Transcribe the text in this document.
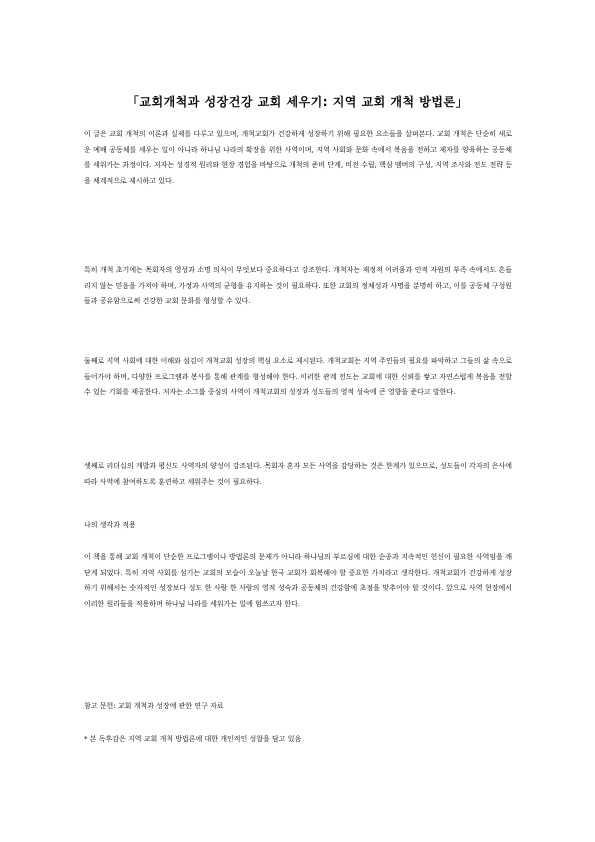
「교회개척과 성장건강 교회 세우기: 지역 교회 개척 방법론」
이 글은 교회 개척의 이론과 실제를 다루고 있으며, 개척교회가 건강하게 성장하기 위해 필요한 요소들을 살펴본다. 교회 개척은 단순히 새로운 예배 공동체를 세우는 일이 아니라 하나님 나라의 확장을 위한 사역이며, 지역 사회와 문화 속에서 복음을 전하고 제자를 양육하는 공동체를 세워가는 과정이다. 저자는 성경적 원리와 현장 경험을 바탕으로 개척의 준비 단계, 비전 수립, 핵심 멤버의 구성, 지역 조사와 전도 전략 등을 체계적으로 제시하고 있다.
특히 개척 초기에는 목회자의 영성과 소명 의식이 무엇보다 중요하다고 강조한다. 개척자는 재정적 어려움과 인적 자원의 부족 속에서도 흔들리지 않는 믿음을 가져야 하며, 가정과 사역의 균형을 유지하는 것이 필요하다. 또한 교회의 정체성과 사명을 분명히 하고, 이를 공동체 구성원들과 공유함으로써 건강한 교회 문화를 형성할 수 있다.
둘째로 지역 사회에 대한 이해와 섬김이 개척교회 성장의 핵심 요소로 제시된다. 개척교회는 지역 주민들의 필요를 파악하고 그들의 삶 속으로 들어가야 하며, 다양한 프로그램과 봉사를 통해 관계를 형성해야 한다. 이러한 관계 전도는 교회에 대한 신뢰를 쌓고 자연스럽게 복음을 전할 수 있는 기회를 제공한다. 저자는 소그룹 중심의 사역이 개척교회의 성장과 성도들의 영적 성숙에 큰 영향을 준다고 말한다.
셋째로 리더십의 개발과 평신도 사역자의 양성이 강조된다. 목회자 혼자 모든 사역을 감당하는 것은 한계가 있으므로, 성도들이 각자의 은사에 따라 사역에 참여하도록 훈련하고 세워주는 것이 필요하다.
나의 생각과 적용
이 책을 통해 교회 개척이 단순한 프로그램이나 방법론의 문제가 아니라 하나님의 부르심에 대한 순종과 지속적인 헌신이 필요한 사역임을 깨닫게 되었다. 특히 지역 사회를 섬기는 교회의 모습이 오늘날 한국 교회가 회복해야 할 중요한 가치라고 생각한다. 개척교회가 건강하게 성장하기 위해서는 숫자적인 성장보다 성도 한 사람 한 사람의 영적 성숙과 공동체의 건강함에 초점을 맞추어야 할 것이다. 앞으로 사역 현장에서 이러한 원리들을 적용하며 하나님 나라를 세워가는 일에 힘쓰고자 한다.
참고 문헌: 교회 개척과 성장에 관한 연구 자료
* 본 독후감은 지역 교회 개척 방법론에 대한 개인적인 성찰을 담고 있음
